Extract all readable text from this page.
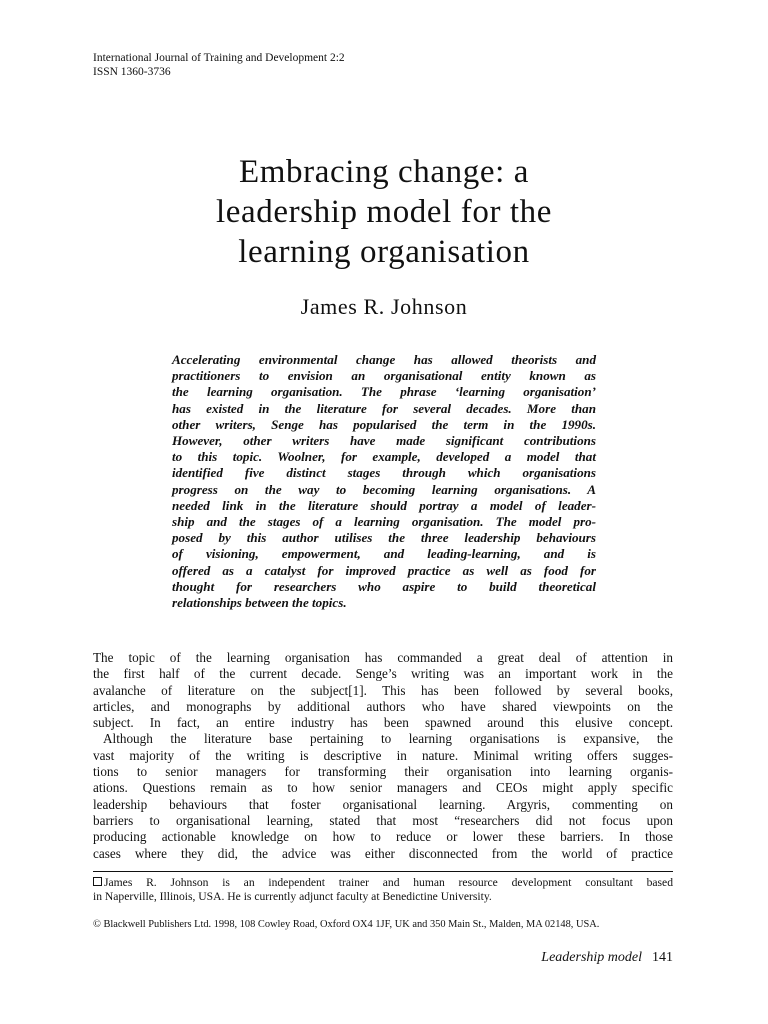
International Journal of Training and Development 2:2
ISSN 1360-3736
Embracing change: a
leadership model for the
learning organisation
James R. Johnson
Accelerating environmental change has allowed theorists and
practitioners to envision an organisational entity known as
the learning organisation. The phrase ‘learning organisation’
has existed in the literature for several decades. More than
other writers, Senge has popularised the term in the 1990s.
However, other writers have made significant contributions
to this topic. Woolner, for example, developed a model that
identified five distinct stages through which organisations
progress on the way to becoming learning organisations. A
needed link in the literature should portray a model of leader-
ship and the stages of a learning organisation. The model pro-
posed by this author utilises the three leadership behaviours
of visioning, empowerment, and leading-learning, and is
offered as a catalyst for improved practice as well as food for
thought for researchers who aspire to build theoretical
relationships between the topics.
The topic of the learning organisation has commanded a great deal of attention in
the first half of the current decade. Senge’s writing was an important work in the
avalanche of literature on the subject[1]. This has been followed by several books,
articles, and monographs by additional authors who have shared viewpoints on the
subject. In fact, an entire industry has been spawned around this elusive concept.
Although the literature base pertaining to learning organisations is expansive, the
vast majority of the writing is descriptive in nature. Minimal writing offers sugges-
tions to senior managers for transforming their organisation into learning organis-
ations. Questions remain as to how senior managers and CEOs might apply specific
leadership behaviours that foster organisational learning. Argyris, commenting on
barriers to organisational learning, stated that most “researchers did not focus upon
producing actionable knowledge on how to reduce or lower these barriers. In those
cases where they did, the advice was either disconnected from the world of practice
James R. Johnson is an independent trainer and human resource development consultant based
in Naperville, Illinois, USA. He is currently adjunct faculty at Benedictine University.
© Blackwell Publishers Ltd. 1998, 108 Cowley Road, Oxford OX4 1JF, UK and 350 Main St., Malden, MA 02148, USA.
Leadership model 141
